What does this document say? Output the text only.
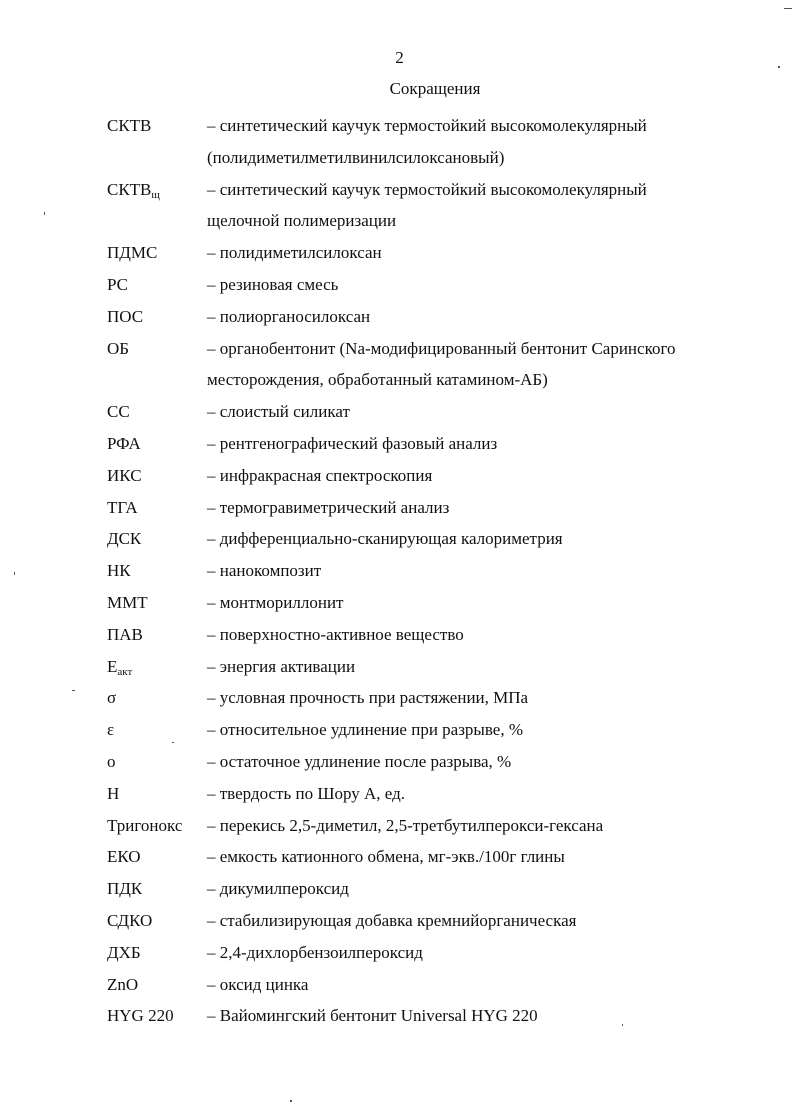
2
Сокращения
СКТВ	– синтетический каучук термостойкий высокомолекулярный
(полидиметилметилвинилсилоксановый)
$СКТВ_щ$	– синтетический каучук термостойкий высокомолекулярный
щелочной полимеризации
ПДМС	– полидиметилсилоксан
РС	– резиновая смесь
ПОС	– полиорганосилоксан
ОБ	– органобентонит (Na-модифицированный бентонит Саринского
месторождения, обработанный катамином-АБ)
СС	– слоистый силикат
РФА	– рентгенографический фазовый анализ
ИКС	– инфракрасная спектроскопия
ТГА	– термогравиметрический анализ
ДСК	– дифференциально-сканирующая калориметрия
НК	– нанокомпозит
ММТ	– монтмориллонит
ПАВ	– поверхностно-активное вещество
$E_{акт}$	– энергия активации
σ	– условная прочность при растяжении, МПа
ε	– относительное удлинение при разрыве, %
ο	– остаточное удлинение после разрыва, %
Н	– твердость по Шору А, ед.
Тригонокс	– перекись 2,5-диметил, 2,5-третбутилперокси-гексана
ЕКО	– емкость катионного обмена, мг-экв./100г глины
ПДК	– дикумилпероксид
СДКО	– стабилизирующая добавка кремнийорганическая
ДХБ	– 2,4-дихлорбензоилпероксид
ZnO	– оксид цинка
HYG 220	– Вайомингский бентонит Universal HYG 220
